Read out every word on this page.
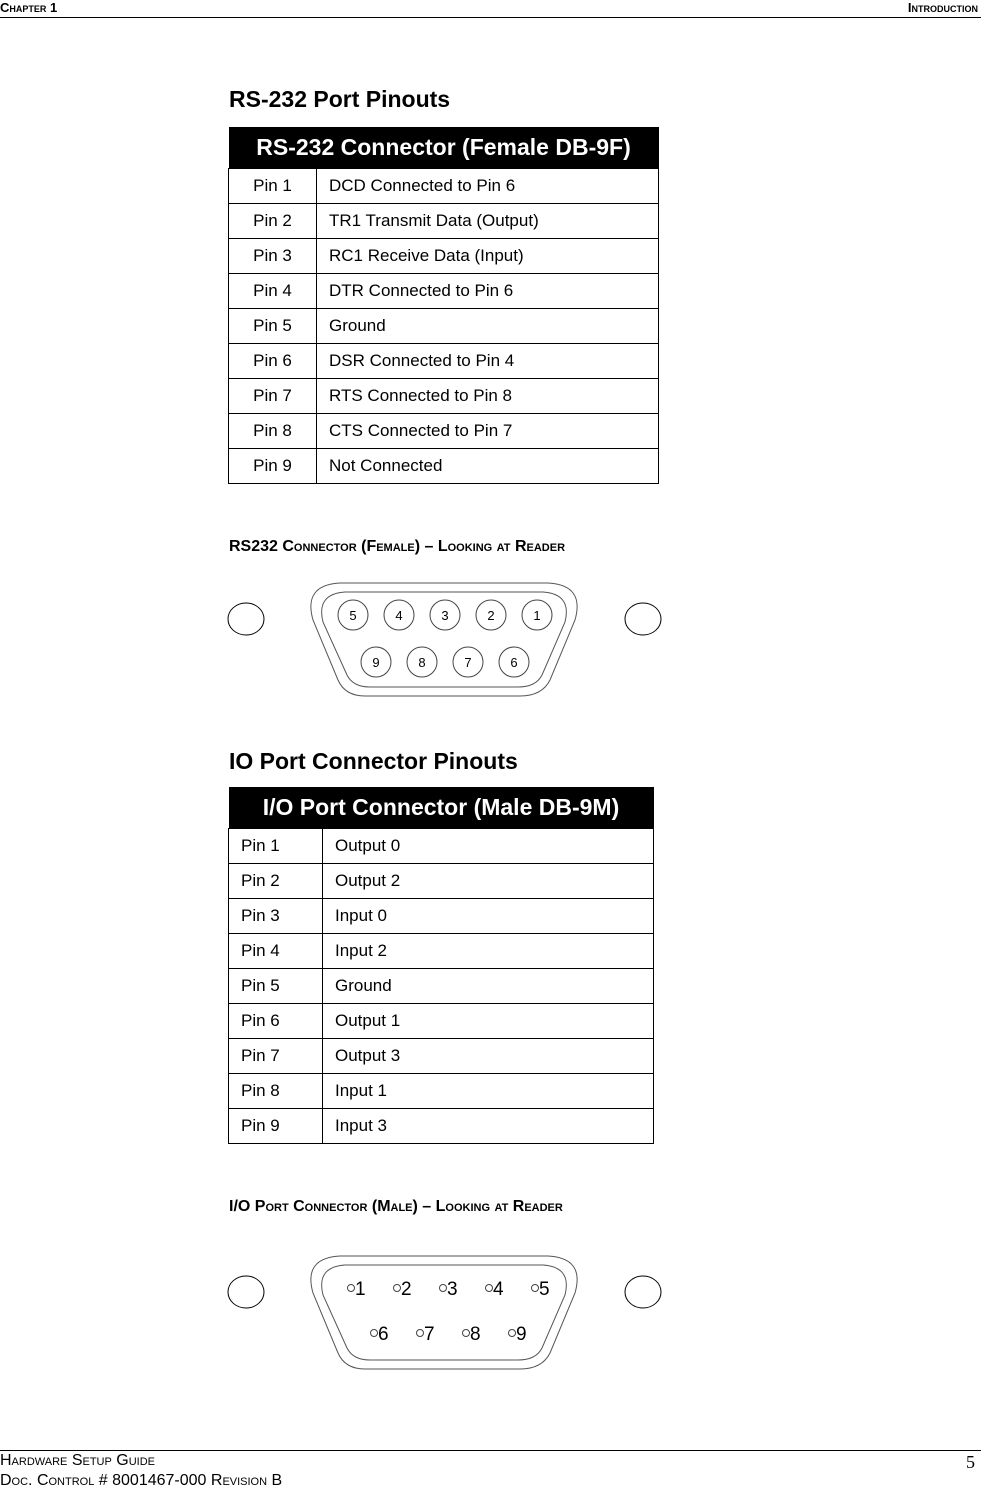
Chapter 1	Introduction
RS-232 Port Pinouts
RS-232 Connector (Female DB-9F)	
Pin 1	DCD Connected to Pin 6
Pin 2	TR1 Transmit Data (Output)
Pin 3	RC1 Receive Data (Input)
Pin 4	DTR Connected to Pin 6
Pin 5	Ground
Pin 6	DSR Connected to Pin 4
Pin 7	RTS Connected to Pin 8
Pin 8	CTS Connected to Pin 7
Pin 9	Not Connected
RS232 Connector (Female) – Looking at Reader
5	4	3	2	1
9	8	7	6
IO Port Connector Pinouts
I/O Port Connector (Male DB-9M)	
Pin 1	Output 0
Pin 2	Output 2
Pin 3	Input 0
Pin 4	Input 2
Pin 5	Ground
Pin 6	Output 1
Pin 7	Output 3
Pin 8	Input 1
Pin 9	Input 3
I/O Port Connector (Male) – Looking at Reader
1 2 3 4 5
6 7 8 9
Hardware Setup Guide
Doc. Control # 8001467-000 Revision B
5
